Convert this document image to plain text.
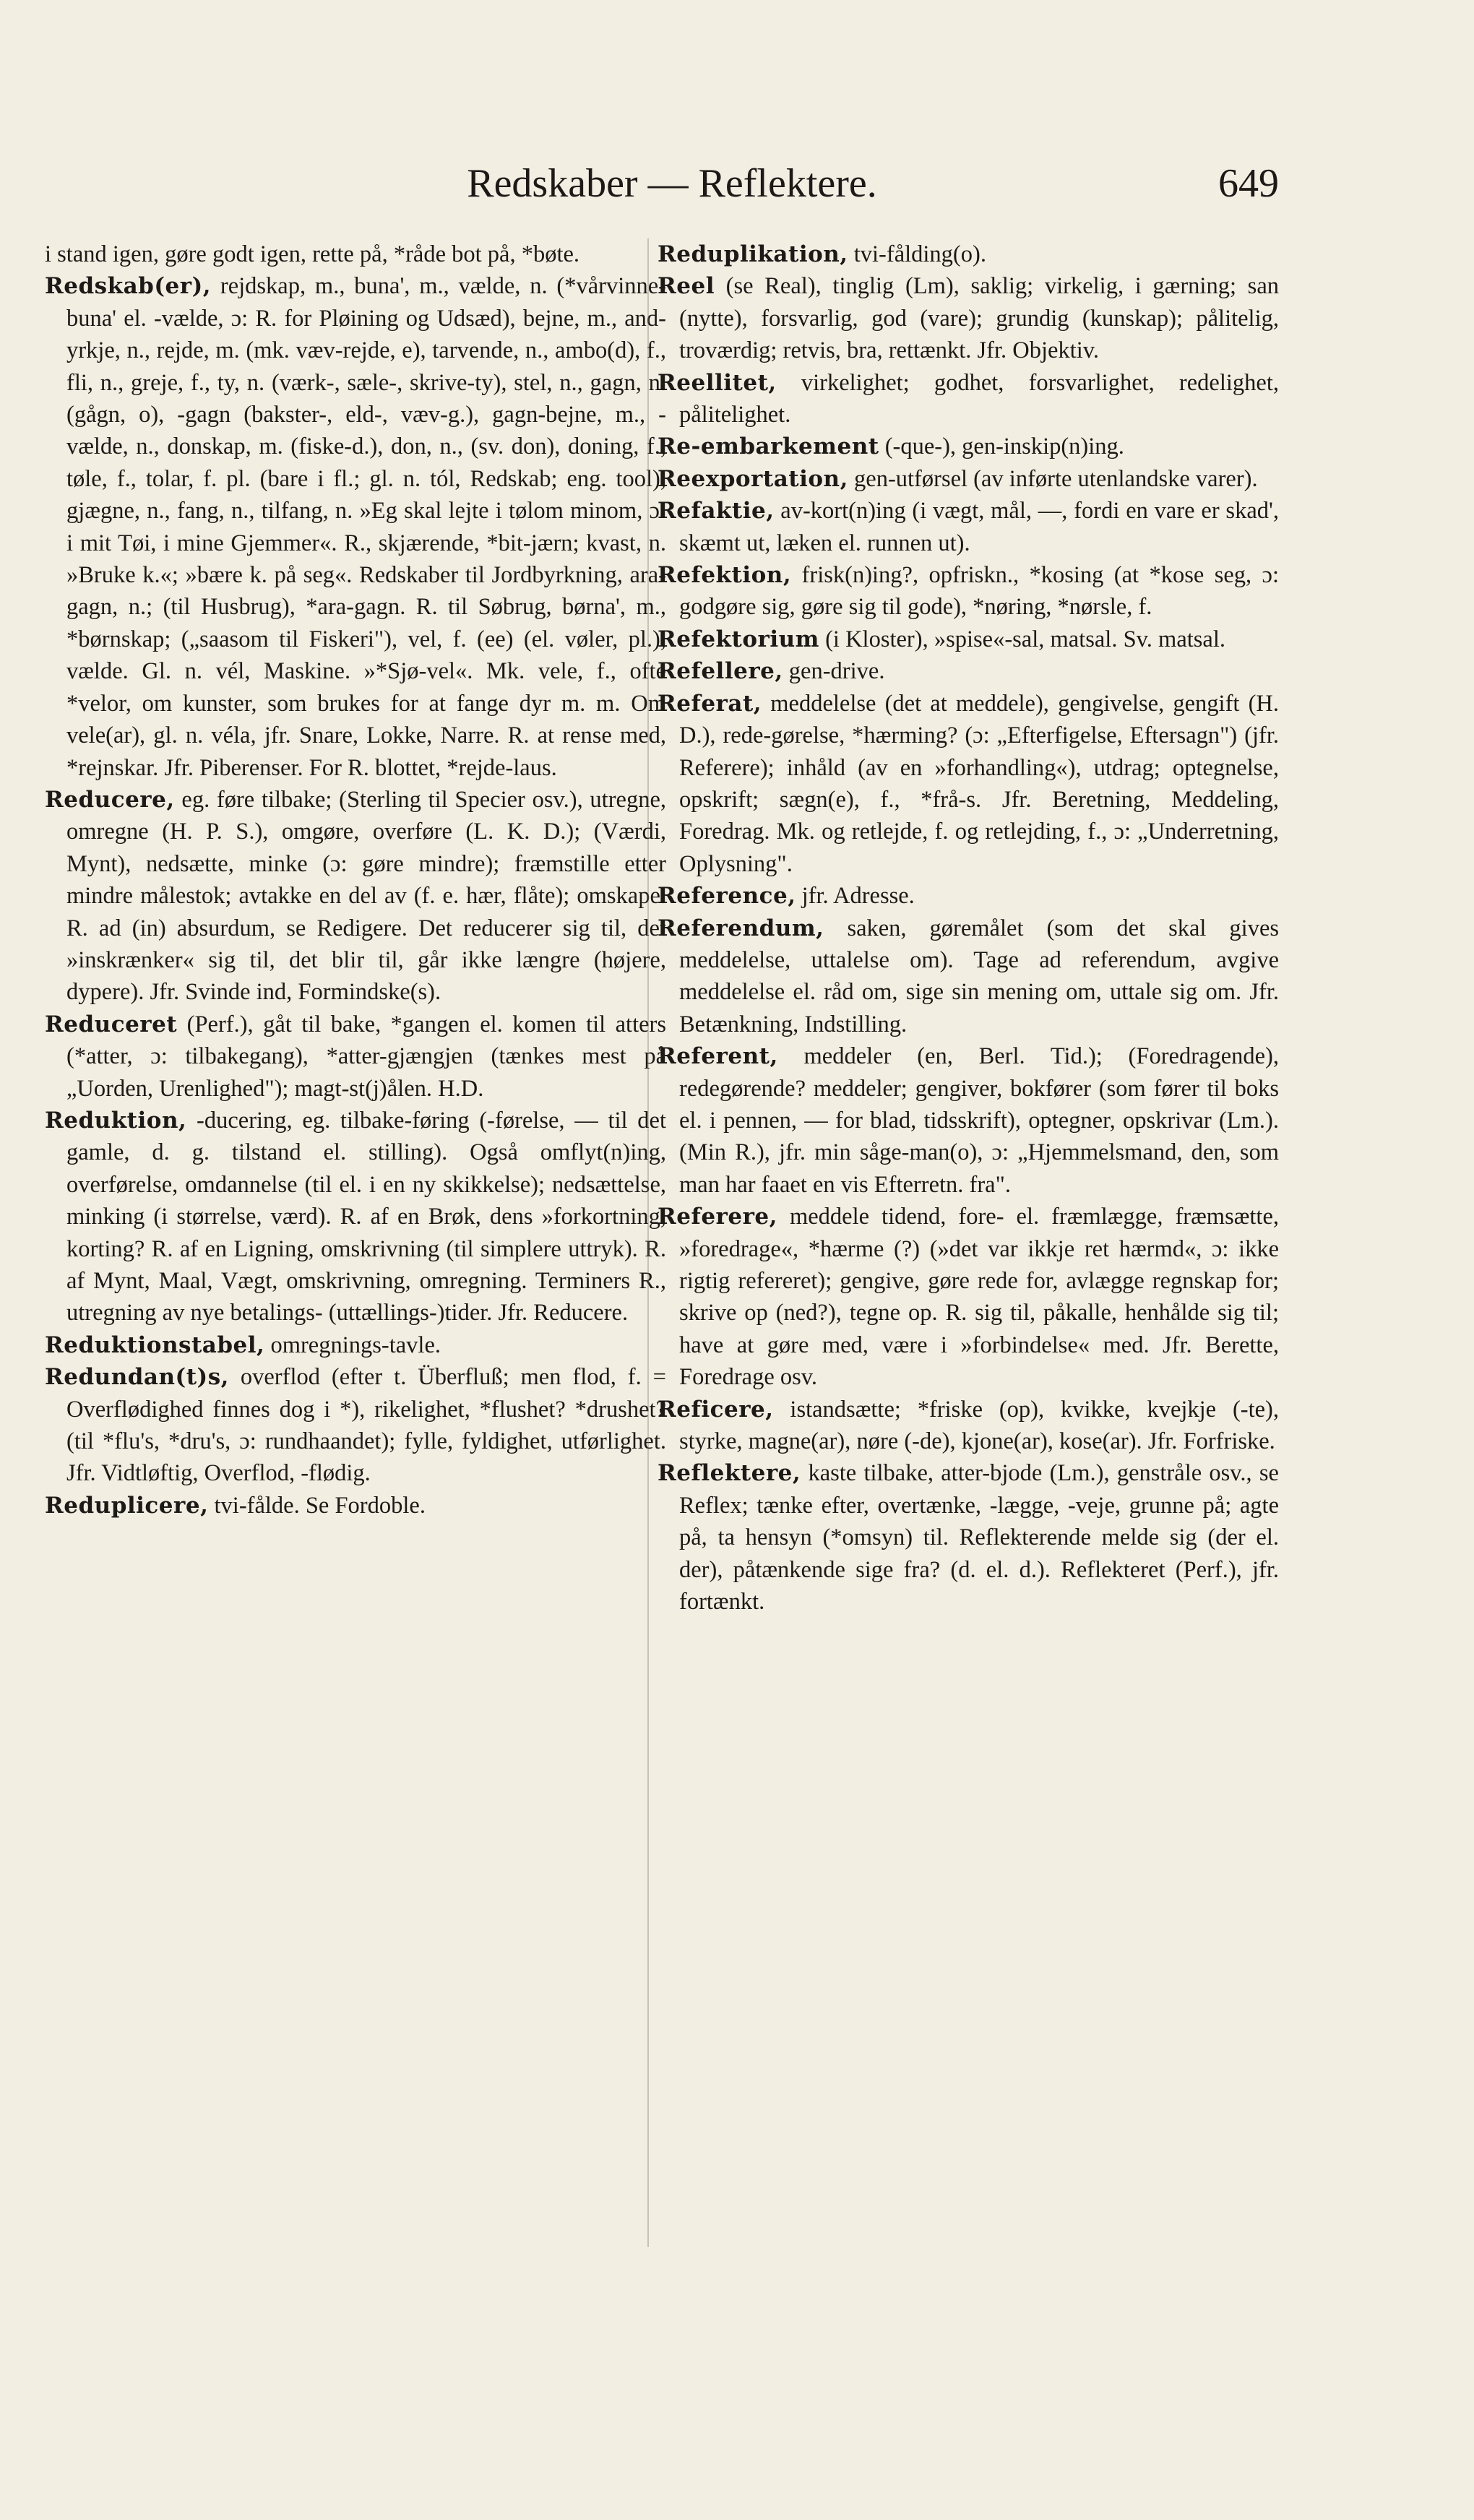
Redskaber — Reflektere.	649

i stand igen, gøre godt igen, rette på, *råde bot på, *bøte.

Redskab(er), rejdskap, m., buna', m., vælde, n. (*vårvinne-buna' el. -vælde, ɔ: R. for Pløining og Udsæd), bejne, m., and-yrkje, n., rejde, m. (mk. væv-rejde, e), tarvende, n., ambo(d), f., fli, n., greje, f., ty, n. (værk-, sæle-, skrive-ty), stel, n., gagn, n. (gågn, o), -gagn (bakster-, eld-, væv-g.), gagn-bejne, m., -vælde, n., donskap, m. (fiske-d.), don, n., (sv. don), doning, f., tøle, f., tolar, f. pl. (bare i fl.; gl. n. tól, Redskab; eng. tool), gjægne, n., fang, n., tilfang, n. »Eg skal lejte i tølom minom, ɔ: i mit Tøi, i mine Gjemmer«. R., skjærende, *bit-jærn; kvast, n. »Bruke k.«; »bære k. på seg«. Redskaber til Jordbyrkning, ara-gagn, n.; (til Husbrug), *ara-gagn. R. til Søbrug, børna', m., *børnskap; („saasom til Fiskeri"), vel, f. (ee) (el. vøler, pl.), vælde. Gl. n. vél, Maskine. »*Sjø-vel«. Mk. vele, f., ofte *velor, om kunster, som brukes for at fange dyr m. m. Om vele(ar), gl. n. véla, jfr. Snare, Lokke, Narre. R. at rense med, *rejnskar. Jfr. Piberenser. For R. blottet, *rejde-laus.

Reducere, eg. føre tilbake; (Sterling til Specier osv.), utregne, omregne (H. P. S.), omgøre, overføre (L. K. D.); (Værdi, Mynt), nedsætte, minke (ɔ: gøre mindre); fræmstille etter mindre målestok; avtakke en del av (f. e. hær, flåte); omskape. R. ad (in) absurdum, se Redigere. Det reducerer sig til, det »inskrænker« sig til, det blir til, går ikke længre (højere, dypere). Jfr. Svinde ind, Formindske(s).

Reduceret (Perf.), gåt til bake, *gangen el. komen til atters (*atter, ɔ: tilbakegang), *atter-gjængjen (tænkes mest på „Uorden, Urenlighed"); magt-st(j)ålen. H.D.

Reduktion, -ducering, eg. tilbake-føring (-førelse, — til det gamle, d. g. tilstand el. stilling). Også omflyt(n)ing, overførelse, omdannelse (til el. i en ny skikkelse); nedsættelse, minking (i størrelse, værd). R. af en Brøk, dens »forkortning, korting? R. af en Ligning, omskrivning (til simplere uttryk). R. af Mynt, Maal, Vægt, omskrivning, omregning. Terminers R., utregning av nye betalings- (uttællings-)tider. Jfr. Reducere.

Reduktionstabel, omregnings-tavle.

Redundan(t)s, overflod (efter t. Überfluß; men flod, f. = Overflødighed finnes dog i *), rikelighet, *flushet? *drushet? (til *flu's, *dru's, ɔ: rundhaandet); fylle, fyldighet, utførlighet. Jfr. Vidtløftig, Overflod, -flødig.

Reduplicere, tvi-fålde. Se Fordoble.

Reduplikation, tvi-fålding(o).

Reel (se Real), tinglig (Lm), saklig; virkelig, i gærning; san (nytte), forsvarlig, god (vare); grundig (kunskap); pålitelig, troværdig; retvis, bra, rettænkt. Jfr. Objektiv.

Reellitet, virkelighet; godhet, forsvarlighet, redelighet, pålitelighet.

Re-embarkement (-que-), gen-inskip(n)ing.

Reexportation, gen-utførsel (av inførte utenlandske varer).

Refaktie, av-kort(n)ing (i vægt, mål, —, fordi en vare er skad', skæmt ut, læken el. runnen ut).

Refektion, frisk(n)ing?, opfriskn., *kosing (at *kose seg, ɔ: godgøre sig, gøre sig til gode), *nøring, *nørsle, f.

Refektorium (i Kloster), »spise«-sal, matsal. Sv. matsal.

Refellere, gen-drive.

Referat, meddelelse (det at meddele), gengivelse, gengift (H. D.), rede-gørelse, *hærming? (ɔ: „Efterfigelse, Eftersagn") (jfr. Referere); inhåld (av en »forhandling«), utdrag; optegnelse, opskrift; sægn(e), f., *frå-s. Jfr. Beretning, Meddeling, Foredrag. Mk. og retlejde, f. og retlejding, f., ɔ: „Underretning, Oplysning".

Reference, jfr. Adresse.

Referendum, saken, gøremålet (som det skal gives meddelelse, uttalelse om). Tage ad referendum, avgive meddelelse el. råd om, sige sin mening om, uttale sig om. Jfr. Betænkning, Indstilling.

Referent, meddeler (en, Berl. Tid.); (Foredragende), redegørende? meddeler; gengiver, bokfører (som fører til boks el. i pennen, — for blad, tidsskrift), optegner, opskrivar (Lm.). (Min R.), jfr. min såge-man(o), ɔ: „Hjemmelsmand, den, som man har faaet en vis Efterretn. fra".

Referere, meddele tidend, fore- el. fræmlægge, fræmsætte, »foredrage«, *hærme (?) (»det var ikkje ret hærmd«, ɔ: ikke rigtig refereret); gengive, gøre rede for, avlægge regnskap for; skrive op (ned?), tegne op. R. sig til, påkalle, henhålde sig til; have at gøre med, være i »forbindelse« med. Jfr. Berette, Foredrage osv.

Reficere, istandsætte; *friske (op), kvikke, kvejkje (-te), styrke, magne(ar), nøre (-de), kjone(ar), kose(ar). Jfr. Forfriske.

Reflektere, kaste tilbake, atter-bjode (Lm.), genstråle osv., se Reflex; tænke efter, overtænke, -lægge, -veje, grunne på; agte på, ta hensyn (*omsyn) til. Reflekterende melde sig (der el. der), påtænkende sige fra? (d. el. d.). Reflekteret (Perf.), jfr. fortænkt.
